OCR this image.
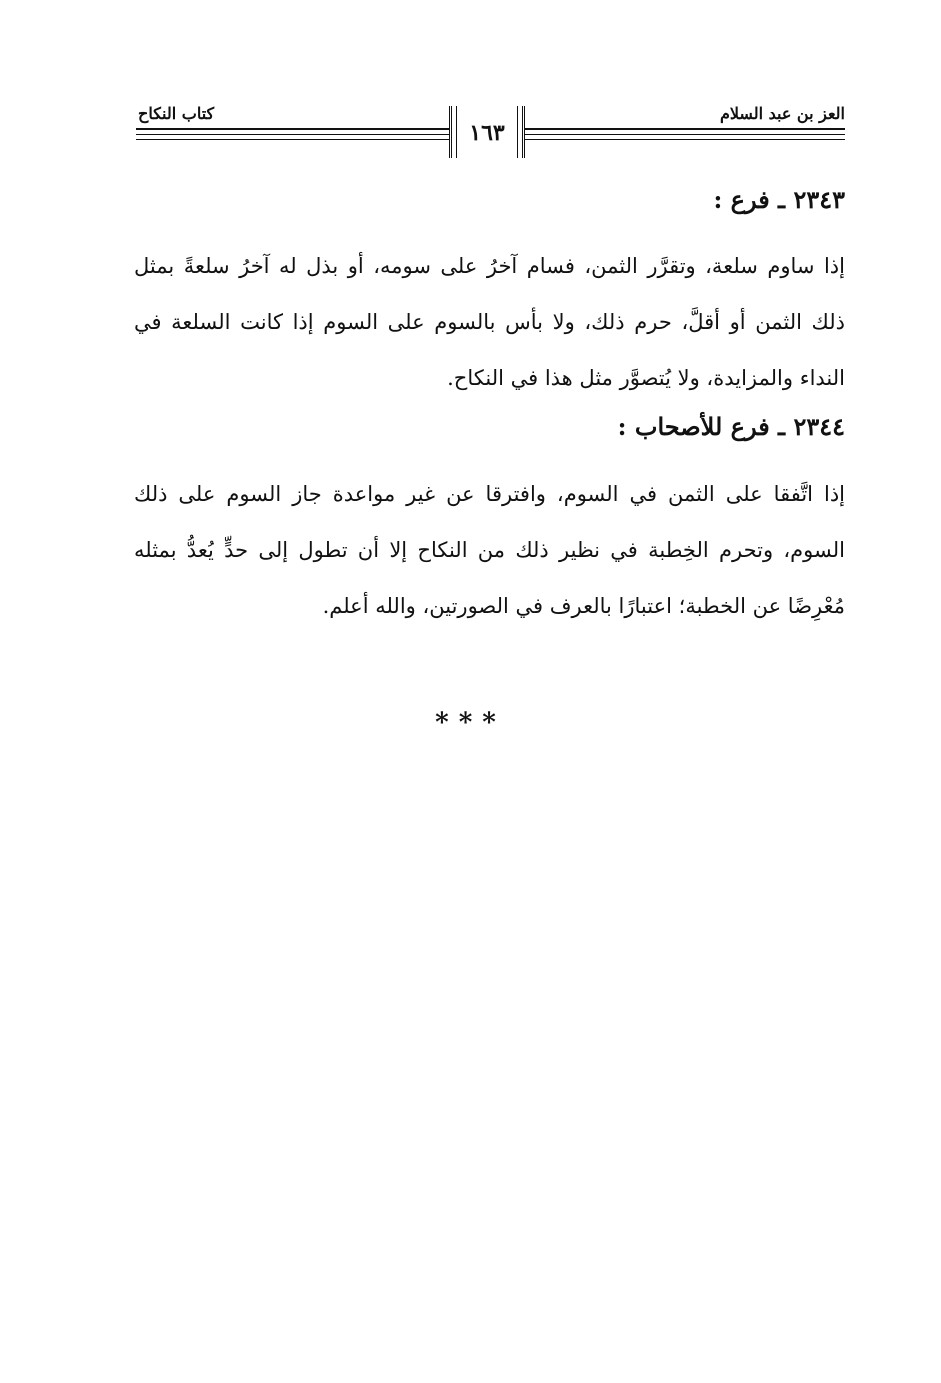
كتاب النكاح	العز بن عبد السلام
١٦٣
٢٣٤٣ ـ فرع :
إذا ساوم سلعة، وتقرَّر الثمن، فسام آخرُ على سومه، أو بذل له آخرُ سلعةً بمثل ذلك الثمن أو أقلَّ، حرم ذلك، ولا بأس بالسوم على السوم إذا كانت السلعة في النداء والمزايدة، ولا يُتصوَّر مثل هذا في النكاح.
٢٣٤٤ ـ فرع للأصحاب :
إذا اتَّفقا على الثمن في السوم، وافترقا عن غير مواعدة جاز السوم على ذلك السوم، وتحرم الخِطبة في نظير ذلك من النكاح إلا أن تطول إلى حدٍّ يُعدُّ بمثله مُعْرِضًا عن الخطبة؛ اعتبارًا بالعرف في الصورتين، والله أعلم.
***
